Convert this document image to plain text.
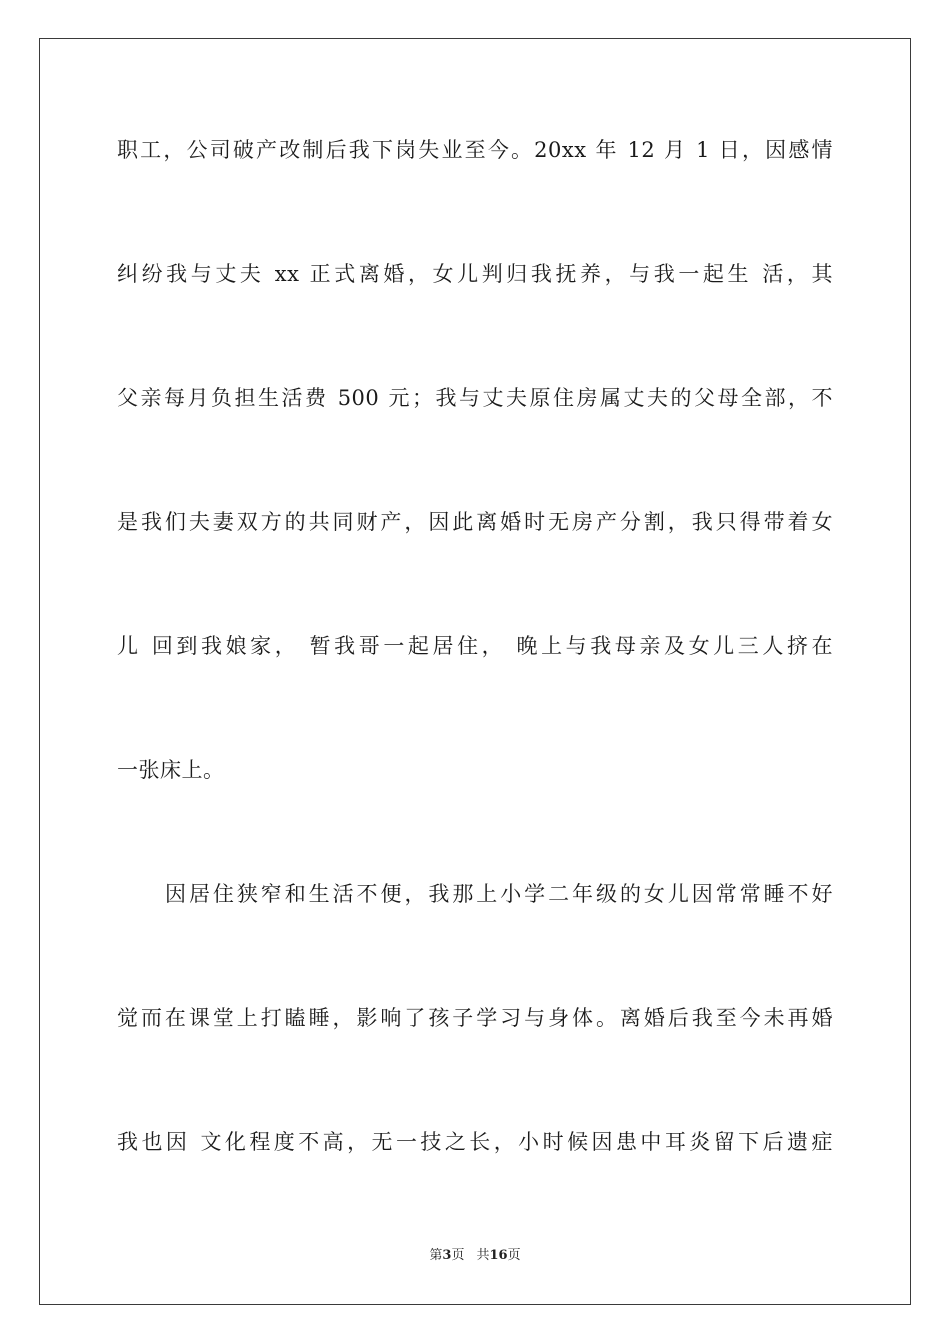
职工，公司破产改制后我下岗失业至今。20xx 年 12 月 1 日，因感情
纠纷我与丈夫 xx 正式离婚，女儿判归我抚养，与我一起生 活，其
父亲每月负担生活费 500 元；我与丈夫原住房属丈夫的父母全部，不
是我们夫妻双方的共同财产，因此离婚时无房产分割，我只得带着女
儿 回到我娘家， 暂我哥一起居住， 晚上与我母亲及女儿三人挤在
一张床上。
因居住狭窄和生活不便，我那上小学二年级的女儿因常常睡不好
觉而在课堂上打瞌睡，影响了孩子学习与身体。离婚后我至今未再婚
我也因 文化程度不高，无一技之长，小时候因患中耳炎留下后遗症
第3页 共16页
